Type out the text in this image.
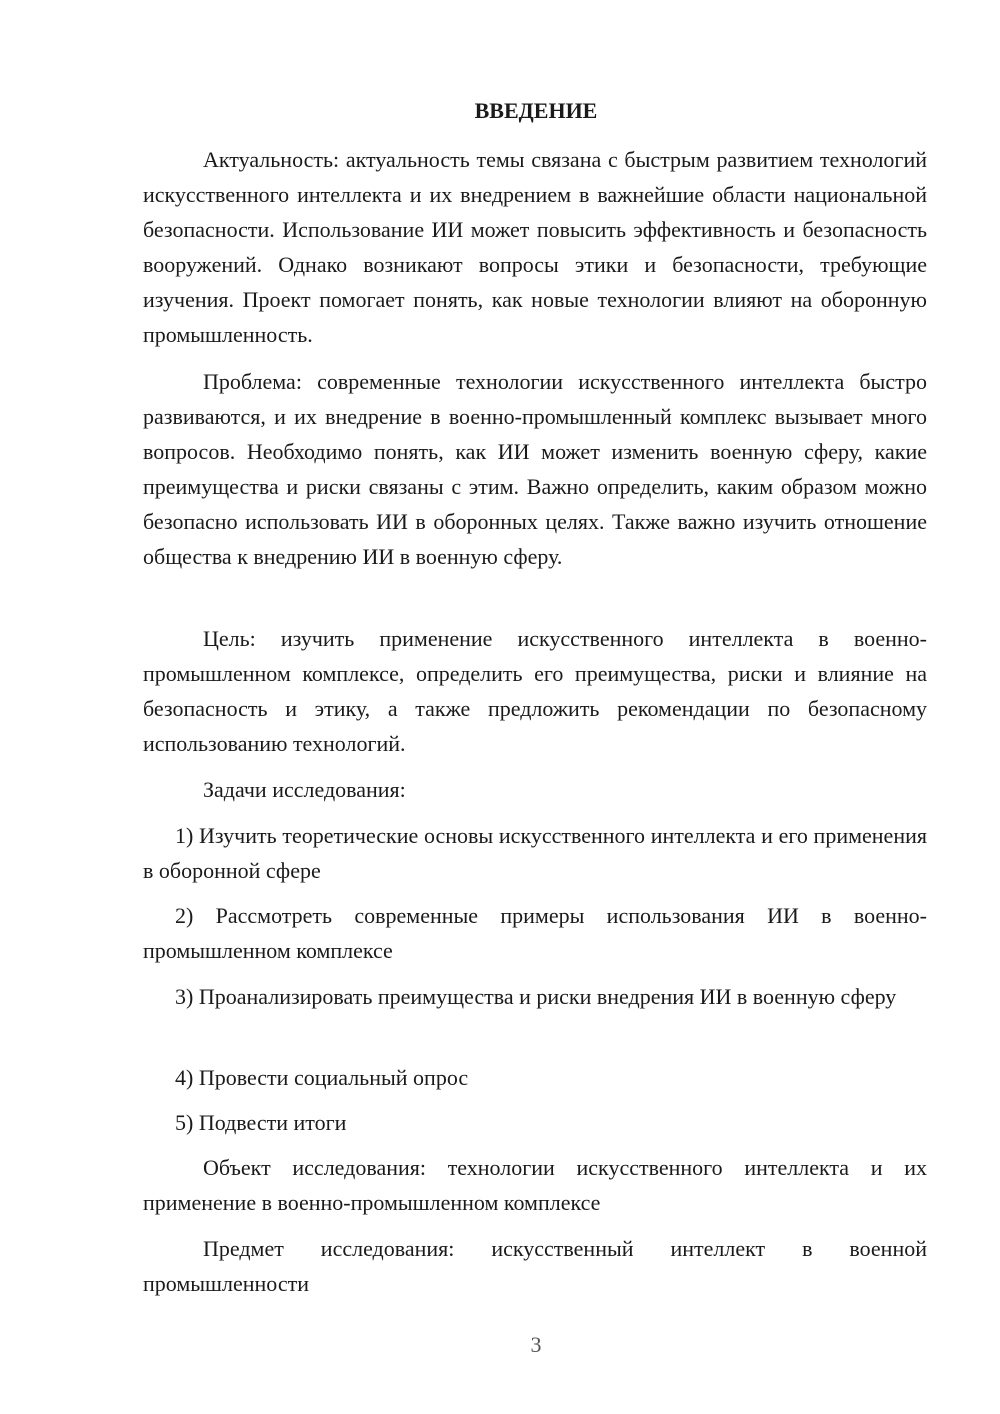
ВВЕДЕНИЕ

Актуальность: актуальность темы связана с быстрым развитием технологий искусственного интеллекта и их внедрением в важнейшие области национальной безопасности. Использование ИИ может повысить эффективность и безопасность вооружений. Однако возникают вопросы этики и безопасности, требующие изучения. Проект помогает понять, как новые технологии влияют на оборонную промышленность.

Проблема: современные технологии искусственного интеллекта быстро развиваются, и их внедрение в военно-промышленный комплекс вызывает много вопросов. Необходимо понять, как ИИ может изменить военную сферу, какие преимущества и риски связаны с этим. Важно определить, каким образом можно безопасно использовать ИИ в оборонных целях. Также важно изучить отношение общества к внедрению ИИ в военную сферу.

Цель: изучить применение искусственного интеллекта в военно-промышленном комплексе, определить его преимущества, риски и влияние на безопасность и этику, а также предложить рекомендации по безопасному использованию технологий.

Задачи исследования:

1) Изучить теоретические основы искусственного интеллекта и его применения в оборонной сфере

2) Рассмотреть современные примеры использования ИИ в военно-промышленном комплексе

3) Проанализировать преимущества и риски внедрения ИИ в военную сферу

4) Провести социальный опрос

5) Подвести итоги

Объект исследования: технологии искусственного интеллекта и их применение в военно-промышленном комплексе

Предмет исследования: искусственный интеллект в военной промышленности

3
